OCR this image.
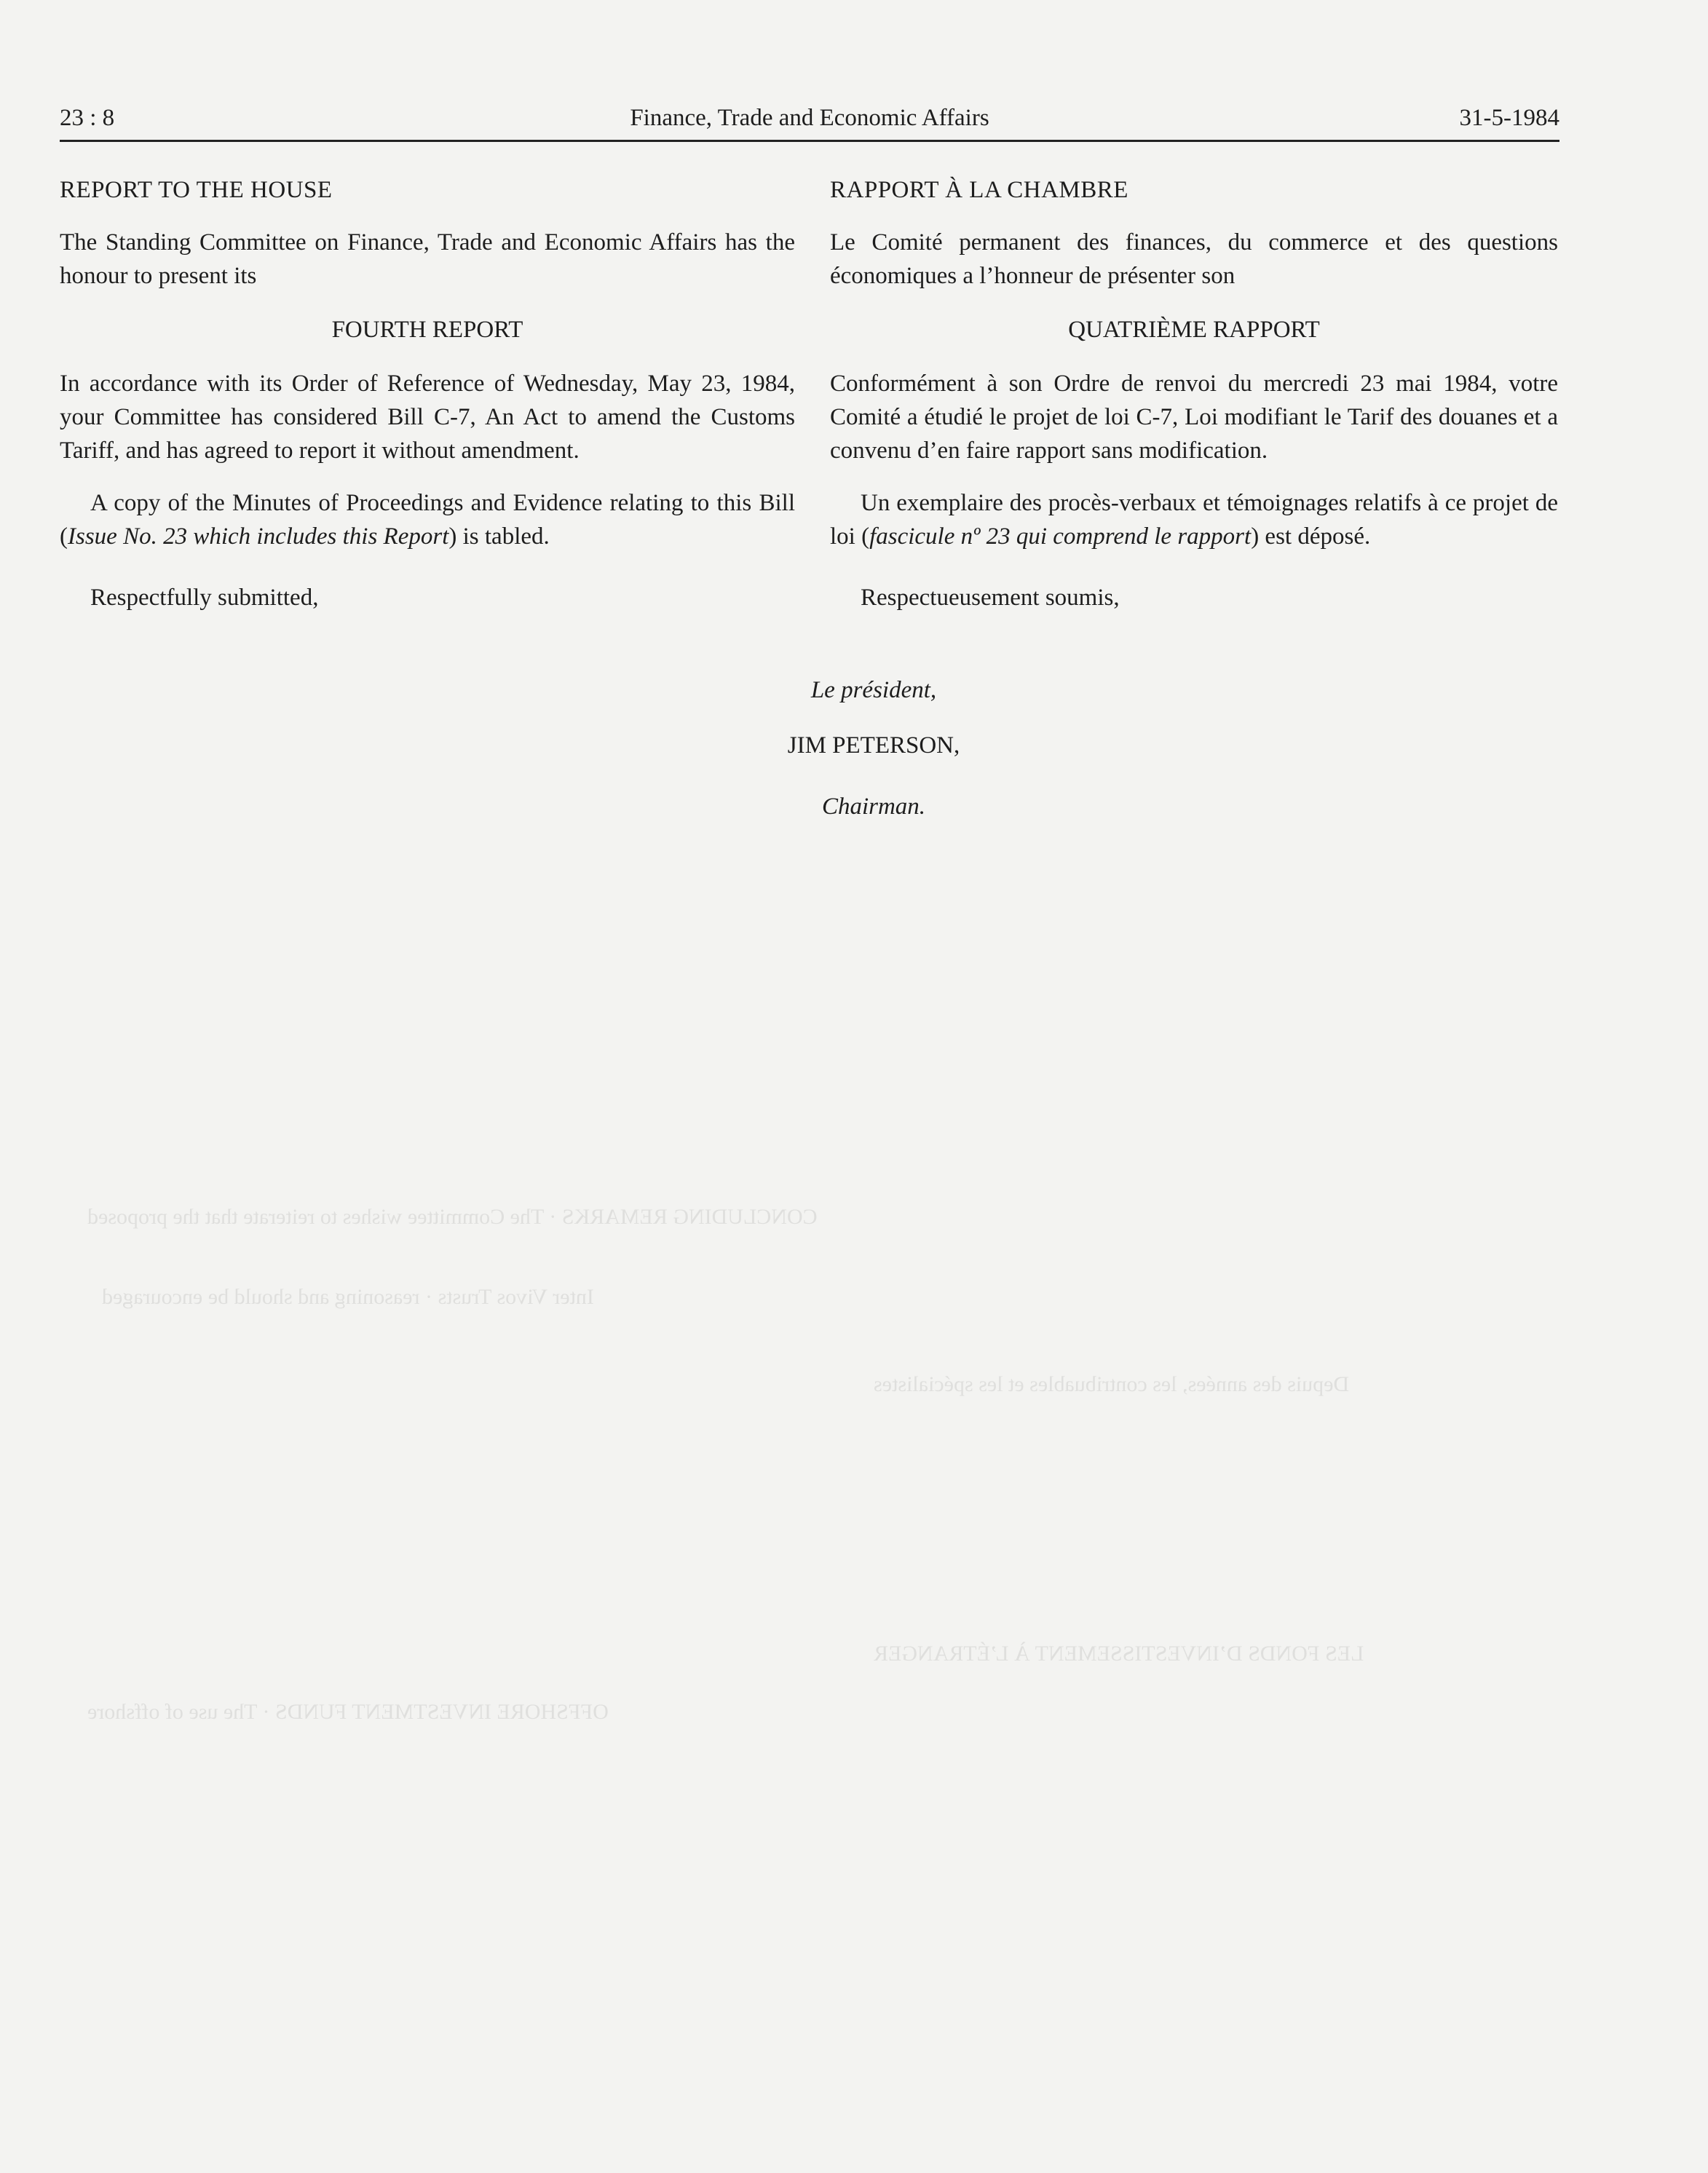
CONCLUDING REMARKS · The Committee wishes to reiterate that the proposed
Inter Vivos Trusts · reasoning and should be encouraged
Depuis des années, les contribuables et les spécialistes
LES FONDS D’INVESTISSEMENT À L’ÉTRANGER
OFFSHORE INVESTMENT FUNDS · The use of offshore
23 : 8	Finance, Trade and Economic Affairs	31-5-1984

REPORT TO THE HOUSE

The Standing Committee on Finance, Trade and Economic Affairs has the honour to present its

FOURTH REPORT

In accordance with its Order of Reference of Wednesday, May 23, 1984, your Committee has considered Bill C-7, An Act to amend the Customs Tariff, and has agreed to report it without amendment.

A copy of the Minutes of Proceedings and Evidence relating to this Bill (Issue No. 23 which includes this Report) is tabled.

Respectfully submitted,

RAPPORT À LA CHAMBRE

Le Comité permanent des finances, du commerce et des questions économiques a l’honneur de présenter son

QUATRIÈME RAPPORT

Conformément à son Ordre de renvoi du mercredi 23 mai 1984, votre Comité a étudié le projet de loi C-7, Loi modifiant le Tarif des douanes et a convenu d’en faire rapport sans modification.

Un exemplaire des procès-verbaux et témoignages relatifs à ce projet de loi (fascicule nº 23 qui comprend le rapport) est déposé.

Respectueusement soumis,

Le président,
JIM PETERSON,
Chairman.
